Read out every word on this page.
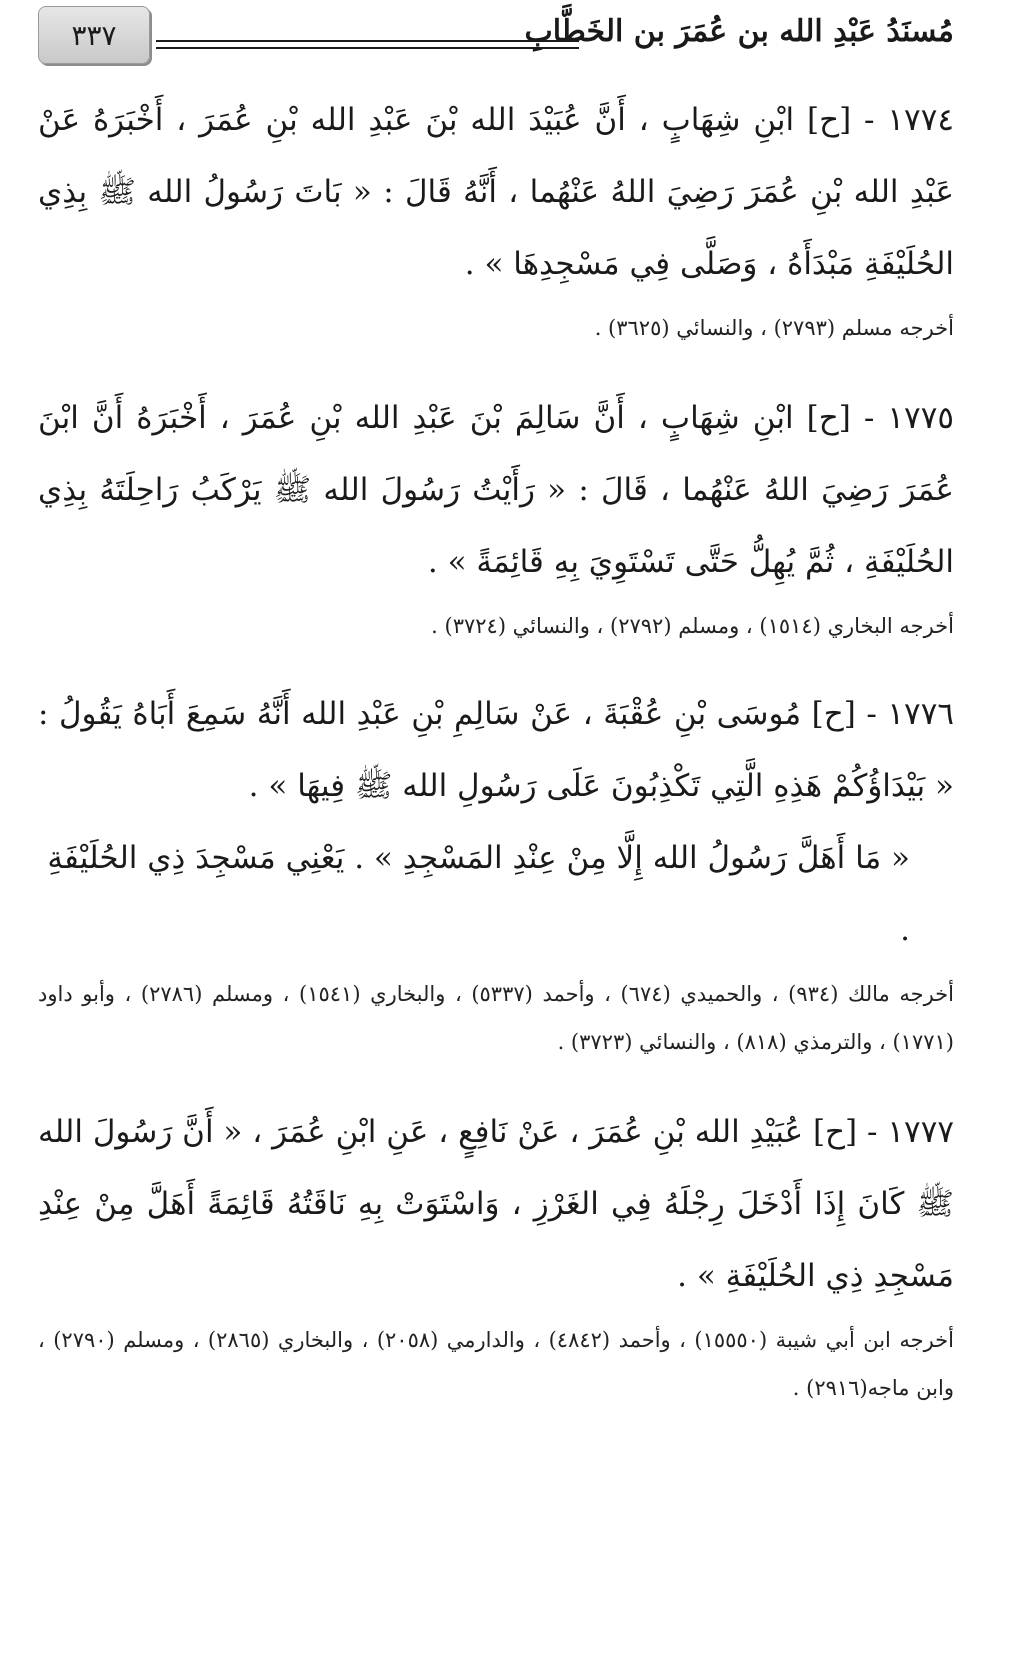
مُسنَدُ عَبْدِ الله بن عُمَرَ بن الخَطَّابِ
٣٣٧

١٧٧٤ - [ح] ابْنِ شِهَابٍ ، أَنَّ عُبَيْدَ الله بْنَ عَبْدِ الله بْنِ عُمَرَ ، أَخْبَرَهُ عَنْ عَبْدِ الله بْنِ عُمَرَ رَضِيَ اللهُ عَنْهُما ، أَنَّهُ قَالَ : « بَاتَ رَسُولُ الله ﷺ بِذِي الحُلَيْفَةِ مَبْدَأَهُ ، وَصَلَّى فِي مَسْجِدِهَا » .

أخرجه مسلم (٢٧٩٣) ، والنسائي (٣٦٢٥) .

١٧٧٥ - [ح] ابْنِ شِهَابٍ ، أَنَّ سَالِمَ بْنَ عَبْدِ الله بْنِ عُمَرَ ، أَخْبَرَهُ أَنَّ ابْنَ عُمَرَ رَضِيَ اللهُ عَنْهُما ، قَالَ : « رَأَيْتُ رَسُولَ الله ﷺ يَرْكَبُ رَاحِلَتَهُ بِذِي الحُلَيْفَةِ ، ثُمَّ يُهِلُّ حَتَّى تَسْتَوِيَ بِهِ قَائِمَةً » .

أخرجه البخاري (١٥١٤) ، ومسلم (٢٧٩٢) ، والنسائي (٣٧٢٤) .

١٧٧٦ - [ح] مُوسَى بْنِ عُقْبَةَ ، عَنْ سَالِمِ بْنِ عَبْدِ الله أَنَّهُ سَمِعَ أَبَاهُ يَقُولُ : « بَيْدَاؤُكُمْ هَذِهِ الَّتِي تَكْذِبُونَ عَلَى رَسُولِ الله ﷺ فِيهَا » .

« مَا أَهَلَّ رَسُولُ الله إِلَّا مِنْ عِنْدِ المَسْجِدِ » . يَعْنِي مَسْجِدَ ذِي الحُلَيْفَةِ .

أخرجه مالك (٩٣٤) ، والحميدي (٦٧٤) ، وأحمد (٥٣٣٧) ، والبخاري (١٥٤١) ، ومسلم (٢٧٨٦) ، وأبو داود (١٧٧١) ، والترمذي (٨١٨) ، والنسائي (٣٧٢٣) .

١٧٧٧ - [ح] عُبَيْدِ الله بْنِ عُمَرَ ، عَنْ نَافِعٍ ، عَنِ ابْنِ عُمَرَ ، « أَنَّ رَسُولَ الله ﷺ كَانَ إِذَا أَدْخَلَ رِجْلَهُ فِي الغَرْزِ ، وَاسْتَوَتْ بِهِ نَاقَتُهُ قَائِمَةً أَهَلَّ مِنْ عِنْدِ مَسْجِدِ ذِي الحُلَيْفَةِ » .

أخرجه ابن أبي شيبة (١٥٥٥٠) ، وأحمد (٤٨٤٢) ، والدارمي (٢٠٥٨) ، والبخاري (٢٨٦٥) ، ومسلم (٢٧٩٠) ، وابن ماجه(٢٩١٦) .
